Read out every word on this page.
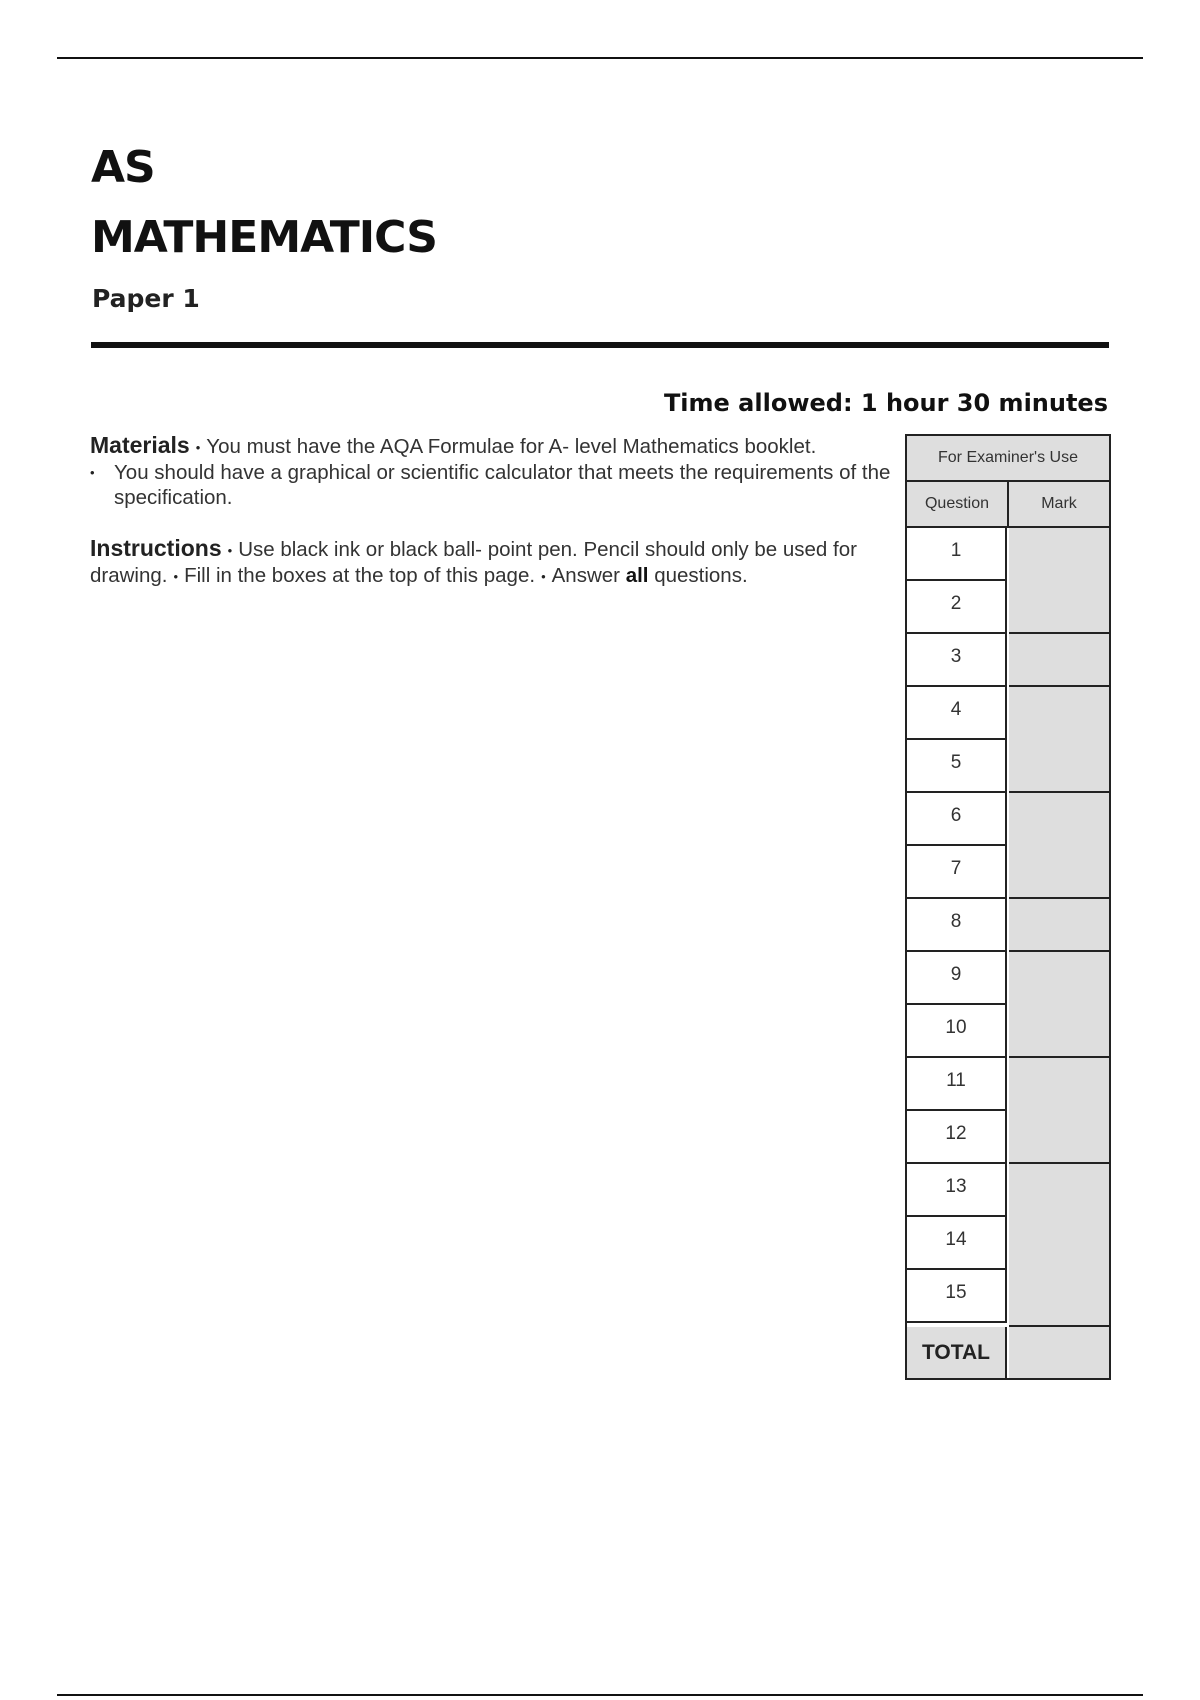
AS
MATHEMATICS
Paper 1

Time allowed: 1 hour 30 minutes

Materials • You must have the AQA Formulae for A- level Mathematics booklet.
• You should have a graphical or scientific calculator that meets the requirements of the specification.
Instructions • Use black ink or black ball- point pen. Pencil should only be used for drawing. • Fill in the boxes at the top of this page. • Answer all questions.
For Examiner's Use
Question	Mark
1
2
3
4
5
6
7
8
9
10
11
12
13
14
15
TOTAL
